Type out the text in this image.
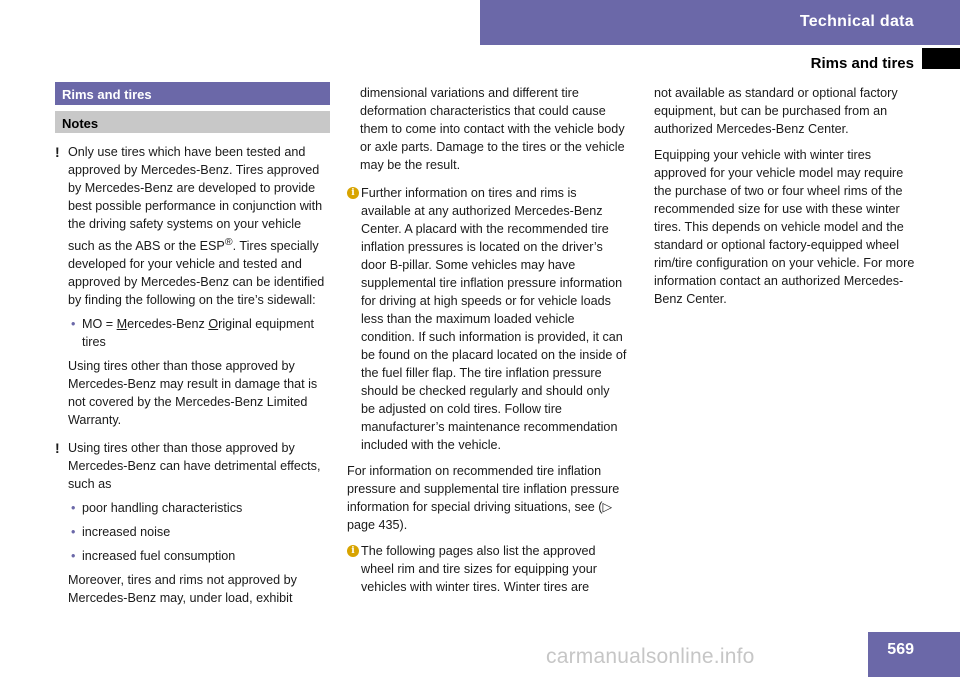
Technical data
Rims and tires
Rims and tires
Notes
! Only use tires which have been tested and approved by Mercedes-Benz. Tires approved by Mercedes-Benz are developed to provide best possible performance in conjunction with the driving safety systems on your vehicle such as the ABS or the ESP®. Tires specially developed for your vehicle and tested and approved by Mercedes-Benz can be identified by finding the following on the tire’s sidewall:
• MO = Mercedes-Benz Original equipment tires

Using tires other than those approved by Mercedes-Benz may result in damage that is not covered by the Mercedes-Benz Limited Warranty.

! Using tires other than those approved by Mercedes-Benz can have detrimental effects, such as
• poor handling characteristics
• increased noise
• increased fuel consumption

Moreover, tires and rims not approved by Mercedes-Benz may, under load, exhibit

dimensional variations and different tire deformation characteristics that could cause them to come into contact with the vehicle body or axle parts. Damage to the tires or the vehicle may be the result.

i Further information on tires and rims is available at any authorized Mercedes-Benz Center. A placard with the recommended tire inflation pressures is located on the driver’s door B-pillar. Some vehicles may have supplemental tire inflation pressure information for driving at high speeds or for vehicle loads less than the maximum loaded vehicle condition. If such information is provided, it can be found on the placard located on the inside of the fuel filler flap. The tire inflation pressure should be checked regularly and should only be adjusted on cold tires. Follow tire manufacturer’s maintenance recommendation included with the vehicle.

For information on recommended tire inflation pressure and supplemental tire inflation pressure information for special driving situations, see (▷ page 435).

i The following pages also list the approved wheel rim and tire sizes for equipping your vehicles with winter tires. Winter tires are

not available as standard or optional factory equipment, but can be purchased from an authorized Mercedes-Benz Center.

Equipping your vehicle with winter tires approved for your vehicle model may require the purchase of two or four wheel rims of the recommended size for use with these winter tires. This depends on vehicle model and the standard or optional factory-equipped wheel rim/tire configuration on your vehicle. For more information contact an authorized Mercedes-Benz Center.

569
carmanualsonline.info
